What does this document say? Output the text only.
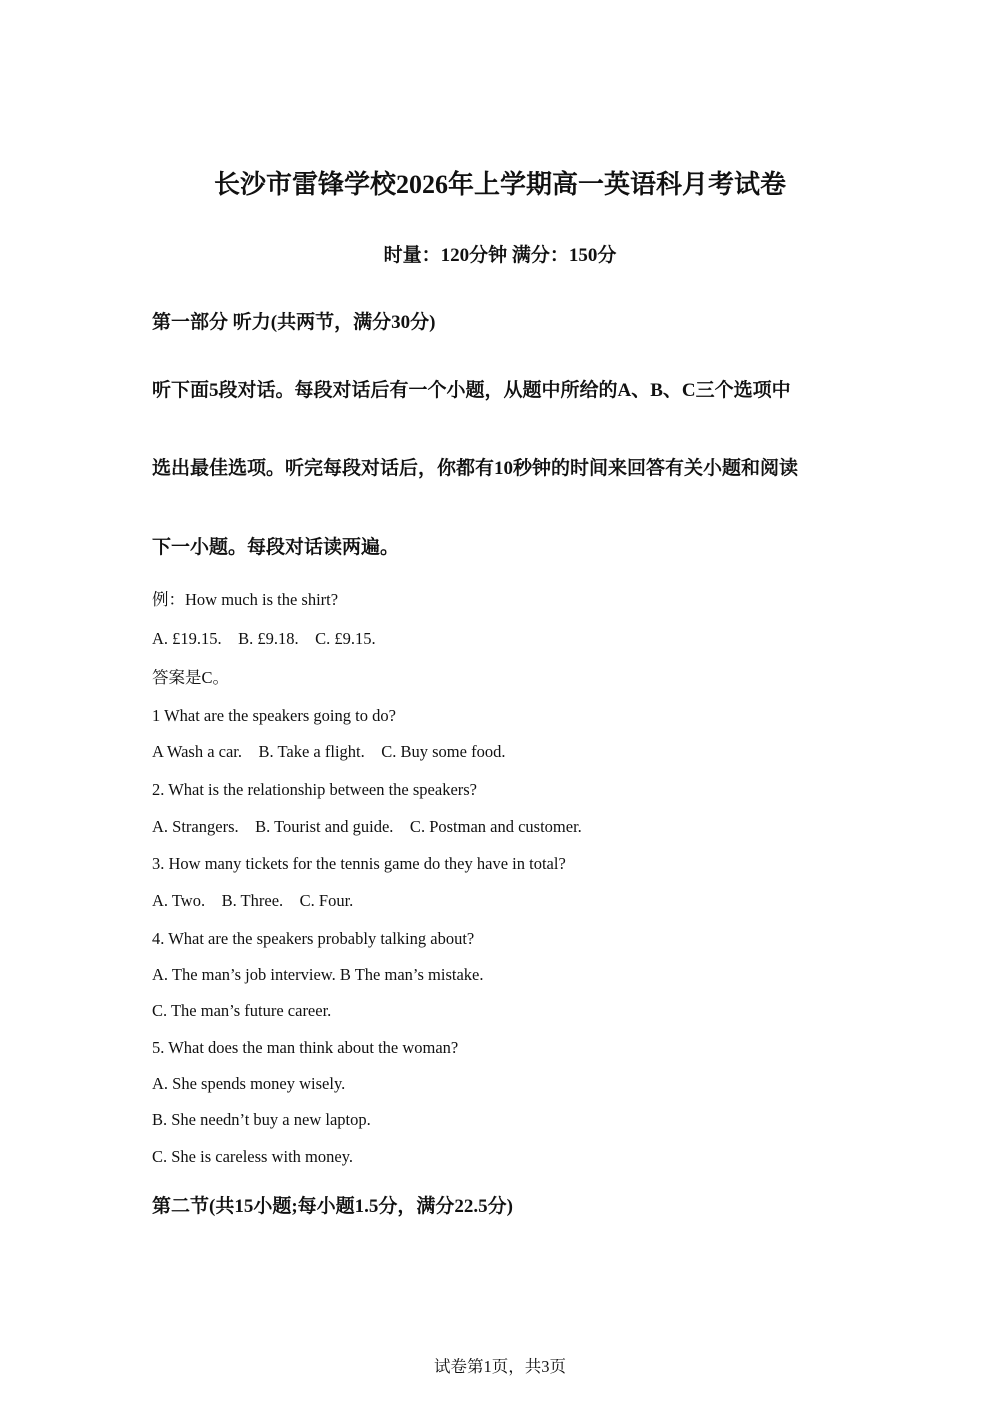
长沙市雷锋学校2026年上学期高一英语科月考试卷
时量：120分钟 满分：150分
第一部分 听力(共两节，满分30分)
听下面5段对话。每段对话后有一个小题，从题中所给的A、B、C三个选项中
选出最佳选项。听完每段对话后，你都有10秒钟的时间来回答有关小题和阅读
下一小题。每段对话读两遍。
例：How much is the shirt?
A. £19.15.    B. £9.18.    C. £9.15.
答案是C。
1 What are the speakers going to do?
A Wash a car.    B. Take a flight.    C. Buy some food.
2. What is the relationship between the speakers?
A. Strangers.    B. Tourist and guide.    C. Postman and customer.
3. How many tickets for the tennis game do they have in total?
A. Two.    B. Three.    C. Four.
4. What are the speakers probably talking about?
A. The man’s job interview. B The man’s mistake.
C. The man’s future career.
5. What does the man think about the woman?
A. She spends money wisely.
B. She needn’t buy a new laptop.
C. She is careless with money.
第二节(共15小题;每小题1.5分，满分22.5分)
试卷第1页，共3页
